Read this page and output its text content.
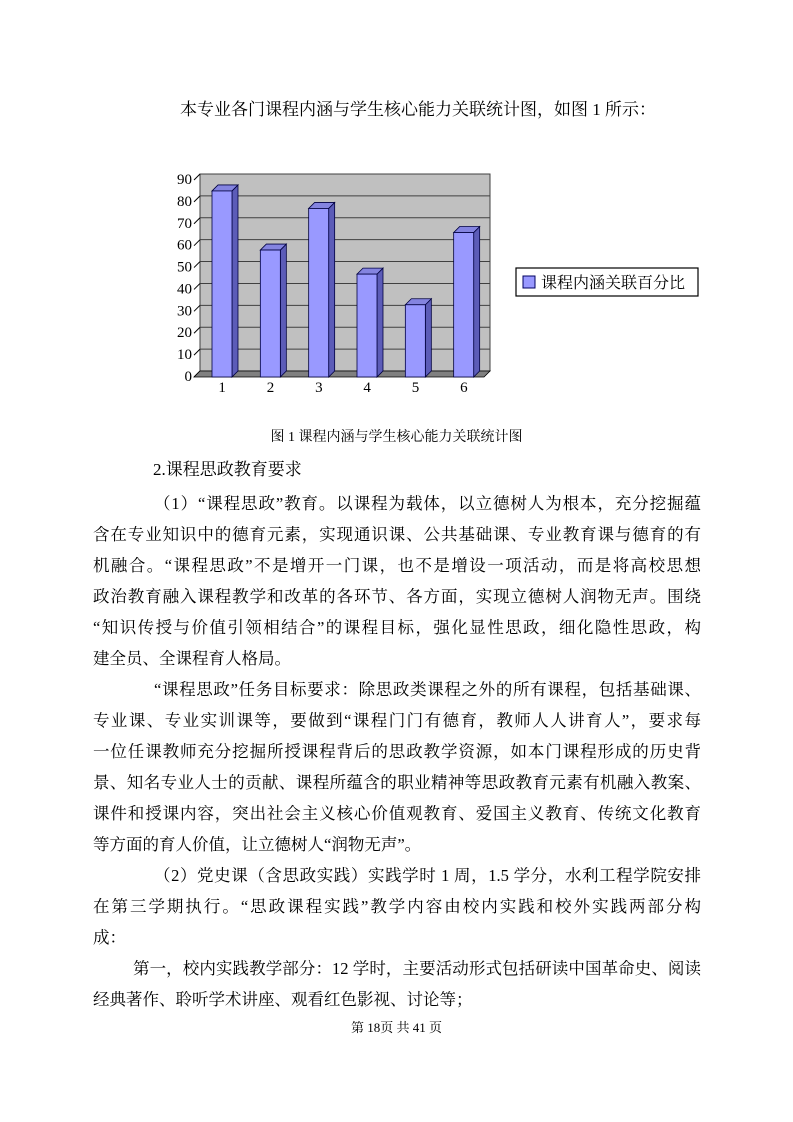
本专业各门课程内涵与学生核心能力关联统计图，如图 1 所示：
0
10
20
30
40
50
60
70
80
90
1	2	3	4	5	6
课程内涵关联百分比
图 1 课程内涵与学生核心能力关联统计图
2.课程思政教育要求
（1）“课程思政”教育。以课程为载体，以立德树人为根本，充分挖掘蕴
含在专业知识中的德育元素，实现通识课、公共基础课、专业教育课与德育的有
机融合。“课程思政”不是增开一门课，也不是增设一项活动，而是将高校思想
政治教育融入课程教学和改革的各环节、各方面，实现立德树人润物无声。围绕
“知识传授与价值引领相结合”的课程目标，强化显性思政，细化隐性思政，构
建全员、全课程育人格局。
“课程思政”任务目标要求：除思政类课程之外的所有课程，包括基础课、
专业课、专业实训课等，要做到“课程门门有德育，教师人人讲育人”，要求每
一位任课教师充分挖掘所授课程背后的思政教学资源，如本门课程形成的历史背
景、知名专业人士的贡献、课程所蕴含的职业精神等思政教育元素有机融入教案、
课件和授课内容，突出社会主义核心价值观教育、爱国主义教育、传统文化教育
等方面的育人价值，让立德树人“润物无声”。
（2）党史课（含思政实践）实践学时 1 周，1.5 学分，水利工程学院安排
在第三学期执行。“思政课程实践”教学内容由校内实践和校外实践两部分构
成：
第一，校内实践教学部分：12 学时，主要活动形式包括研读中国革命史、阅读
经典著作、聆听学术讲座、观看红色影视、讨论等；
第 18页 共 41 页
